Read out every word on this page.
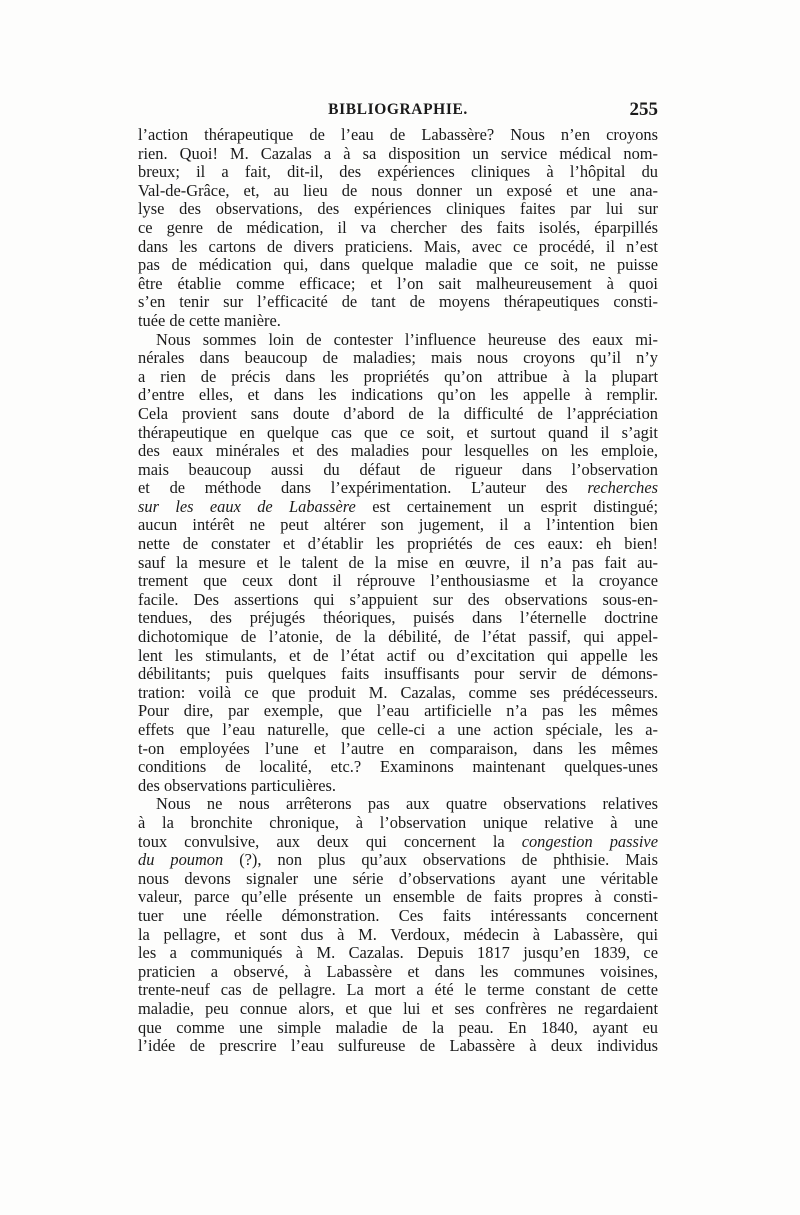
BIBLIOGRAPHIE.	255
l’action thérapeutique de l’eau de Labassère? Nous n’en croyons
rien. Quoi! M. Cazalas a à sa disposition un service médical nom-
breux; il a fait, dit-il, des expériences cliniques à l’hôpital du
Val-de-Grâce, et, au lieu de nous donner un exposé et une ana-
lyse des observations, des expériences cliniques faites par lui sur
ce genre de médication, il va chercher des faits isolés, éparpillés
dans les cartons de divers praticiens. Mais, avec ce procédé, il n’est
pas de médication qui, dans quelque maladie que ce soit, ne puisse
être établie comme efficace; et l’on sait malheureusement à quoi
s’en tenir sur l’efficacité de tant de moyens thérapeutiques consti-
tuée de cette manière.
Nous sommes loin de contester l’influence heureuse des eaux mi-
nérales dans beaucoup de maladies; mais nous croyons qu’il n’y
a rien de précis dans les propriétés qu’on attribue à la plupart
d’entre elles, et dans les indications qu’on les appelle à remplir.
Cela provient sans doute d’abord de la difficulté de l’appréciation
thérapeutique en quelque cas que ce soit, et surtout quand il s’agit
des eaux minérales et des maladies pour lesquelles on les emploie,
mais beaucoup aussi du défaut de rigueur dans l’observation
et de méthode dans l’expérimentation. L’auteur des recherches
sur les eaux de Labassère est certainement un esprit distingué;
aucun intérêt ne peut altérer son jugement, il a l’intention bien
nette de constater et d’établir les propriétés de ces eaux: eh bien!
sauf la mesure et le talent de la mise en œuvre, il n’a pas fait au-
trement que ceux dont il réprouve l’enthousiasme et la croyance
facile. Des assertions qui s’appuient sur des observations sous-en-
tendues, des préjugés théoriques, puisés dans l’éternelle doctrine
dichotomique de l’atonie, de la débilité, de l’état passif, qui appel-
lent les stimulants, et de l’état actif ou d’excitation qui appelle les
débilitants; puis quelques faits insuffisants pour servir de démons-
tration: voilà ce que produit M. Cazalas, comme ses prédécesseurs.
Pour dire, par exemple, que l’eau artificielle n’a pas les mêmes
effets que l’eau naturelle, que celle-ci a une action spéciale, les a-
t-on employées l’une et l’autre en comparaison, dans les mêmes
conditions de localité, etc.? Examinons maintenant quelques-unes
des observations particulières.
Nous ne nous arrêterons pas aux quatre observations relatives
à la bronchite chronique, à l’observation unique relative à une
toux convulsive, aux deux qui concernent la congestion passive
du poumon (?), non plus qu’aux observations de phthisie. Mais
nous devons signaler une série d’observations ayant une véritable
valeur, parce qu’elle présente un ensemble de faits propres à consti-
tuer une réelle démonstration. Ces faits intéressants concernent
la pellagre, et sont dus à M. Verdoux, médecin à Labassère, qui
les a communiqués à M. Cazalas. Depuis 1817 jusqu’en 1839, ce
praticien a observé, à Labassère et dans les communes voisines,
trente-neuf cas de pellagre. La mort a été le terme constant de cette
maladie, peu connue alors, et que lui et ses confrères ne regardaient
que comme une simple maladie de la peau. En 1840, ayant eu
l’idée de prescrire l’eau sulfureuse de Labassère à deux individus
